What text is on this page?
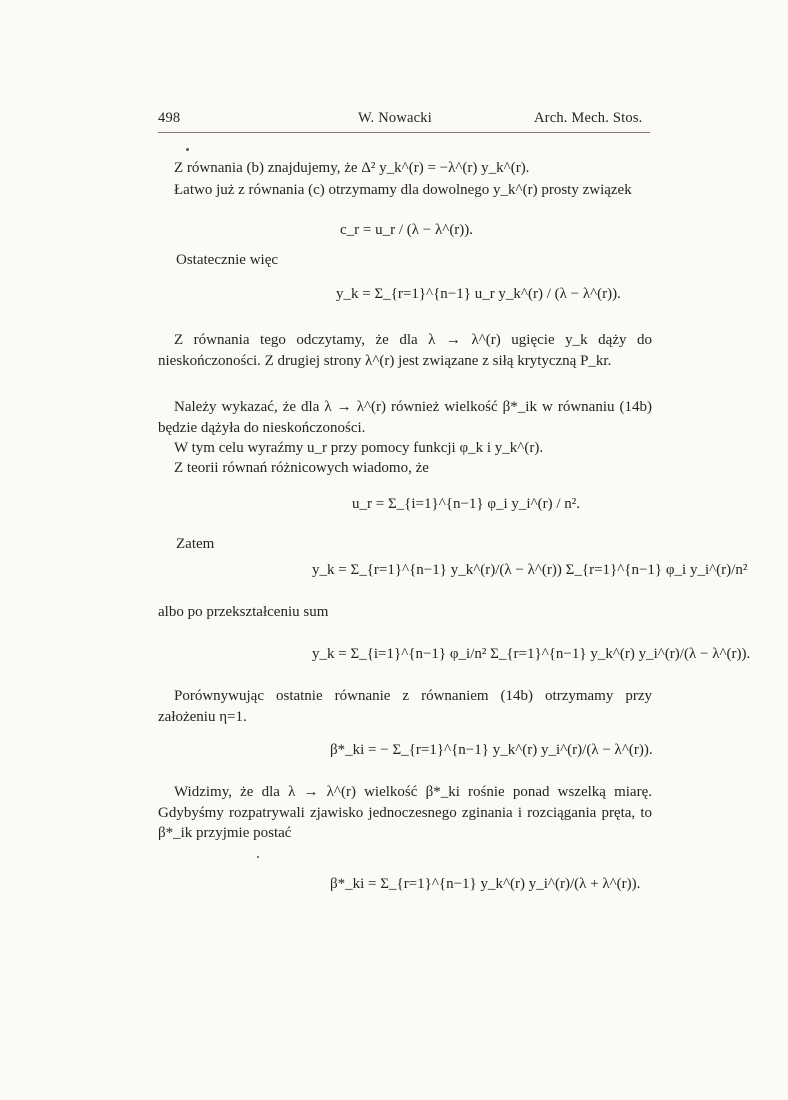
498	W. Nowacki	Arch. Mech. Stos.
Z równania (b) znajdujemy, że Δ² y_k^(r) = −λ^(r) y_k^(r).
Łatwo już z równania (c) otrzymamy dla dowolnego y_k^(r) prosty związek
c_r = u_r / (λ − λ^(r)).
Ostatecznie więc
y_k = Σ_{r=1}^{n−1} u_r y_k^(r) / (λ − λ^(r)).
Z równania tego odczytamy, że dla λ → λ^(r) ugięcie y_k dąży do nieskończoności. Z drugiej strony λ^(r) jest związane z siłą krytyczną P_kr.
Należy wykazać, że dla λ → λ^(r) również wielkość β*_ik w równaniu (14b) będzie dążyła do nieskończoności.
W tym celu wyraźmy u_r przy pomocy funkcji φ_k i y_k^(r).
Z teorii równań różnicowych wiadomo, że
u_r = Σ_{i=1}^{n−1} φ_i y_i^(r) / n².
Zatem
y_k = Σ_{r=1}^{n−1} y_k^(r)/(λ − λ^(r)) Σ_{r=1}^{n−1} φ_i y_i^(r)/n²
albo po przekształceniu sum
y_k = Σ_{i=1}^{n−1} φ_i/n² Σ_{r=1}^{n−1} y_k^(r) y_i^(r)/(λ − λ^(r)).
Porównywując ostatnie równanie z równaniem (14b) otrzymamy przy założeniu η=1.
β*_ki = − Σ_{r=1}^{n−1} y_k^(r) y_i^(r)/(λ − λ^(r)).
Widzimy, że dla λ → λ^(r) wielkość β*_ki rośnie ponad wszelką miarę. Gdybyśmy rozpatrywali zjawisko jednoczesnego zginania i rozciągania pręta, to β*_ik przyjmie postać
β*_ki = Σ_{r=1}^{n−1} y_k^(r) y_i^(r)/(λ + λ^(r)).
